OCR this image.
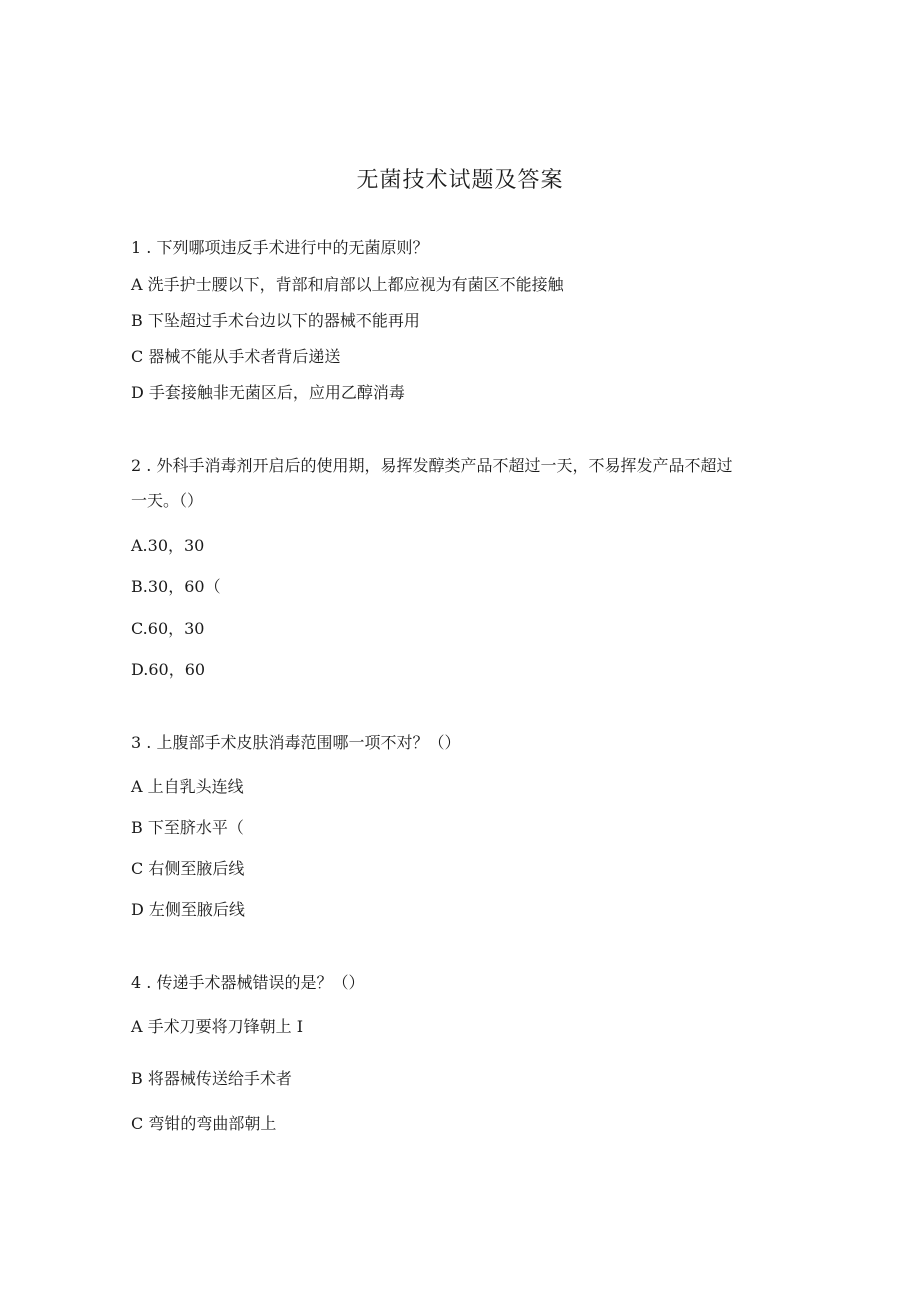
无菌技术试题及答案
1 . 下列哪项违反手术进行中的无菌原则？
A 洗手护士腰以下，背部和肩部以上都应视为有菌区不能接触
B 下坠超过手术台边以下的器械不能再用
C 器械不能从手术者背后递送
D 手套接触非无菌区后，应用乙醇消毒
2 . 外科手消毒剂开启后的使用期，易挥发醇类产品不超过一天，不易挥发产品不超过
一天。（）
A.30，30
B.30，60（
C.60，30
D.60，60
3 . 上腹部手术皮肤消毒范围哪一项不对？（）
A 上自乳头连线
B 下至脐水平（
C 右侧至腋后线
D 左侧至腋后线
4 . 传递手术器械错误的是？（）
A 手术刀要将刀锋朝上 I
B 将器械传送给手术者
C 弯钳的弯曲部朝上
